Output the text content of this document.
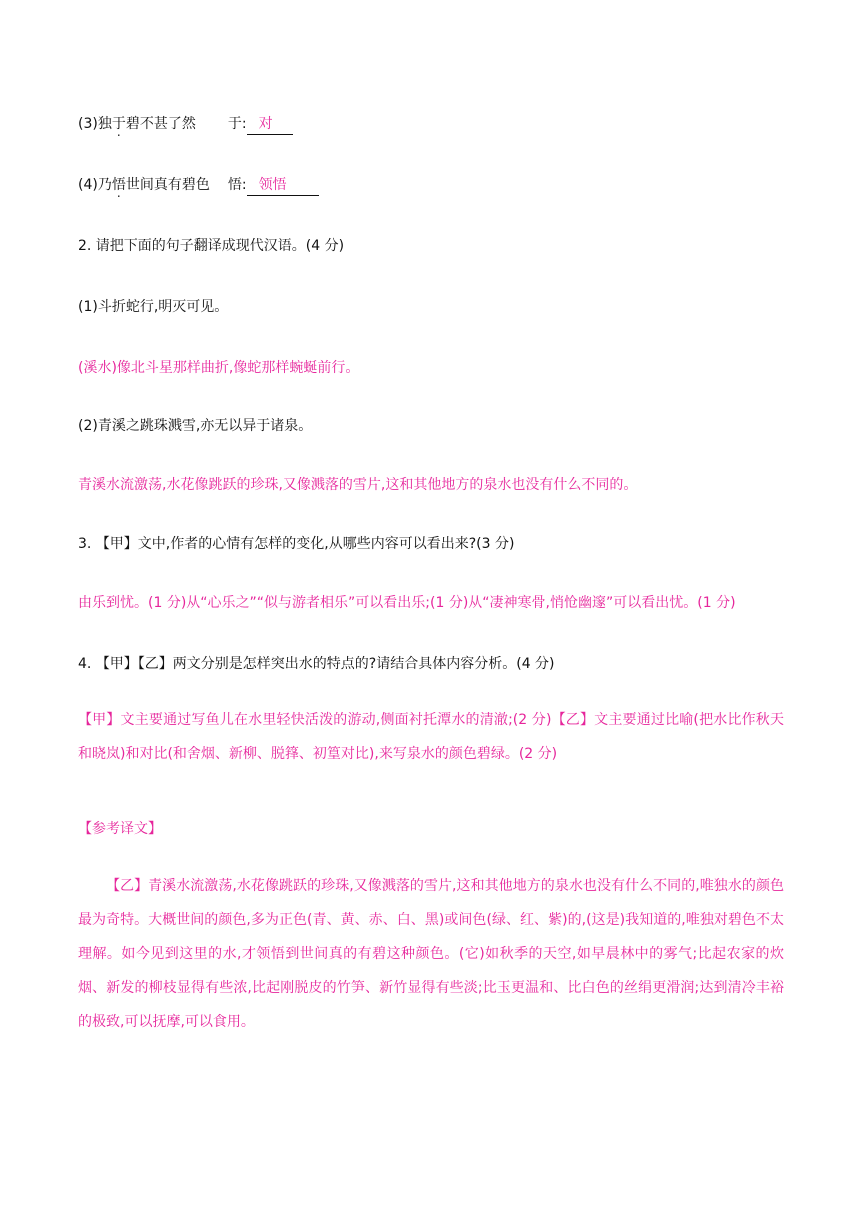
(3)独于碧不甚了然 于: 对
(4)乃悟世间真有碧色 悟: 领悟
2. 请把下面的句子翻译成现代汉语。(4 分)
(1)斗折蛇行,明灭可见。
(溪水)像北斗星那样曲折,像蛇那样蜿蜒前行。
(2)青溪之跳珠溅雪,亦无以异于诸泉。
青溪水流激荡,水花像跳跃的珍珠,又像溅落的雪片,这和其他地方的泉水也没有什么不同的。
3. 【甲】文中,作者的心情有怎样的变化,从哪些内容可以看出来?(3 分)
由乐到忧。(1 分)从“心乐之”“似与游者相乐”可以看出乐;(1 分)从“凄神寒骨,悄怆幽邃”可以看出忧。(1 分)
4. 【甲】【乙】两文分别是怎样突出水的特点的?请结合具体内容分析。(4 分)
【甲】文主要通过写鱼儿在水里轻快活泼的游动,侧面衬托潭水的清澈;(2 分)【乙】文主要通过比喻(把水比作秋天和晓岚)和对比(和舍烟、新柳、脱箨、初篁对比),来写泉水的颜色碧绿。(2 分)
【参考译文】
【乙】青溪水流激荡,水花像跳跃的珍珠,又像溅落的雪片,这和其他地方的泉水也没有什么不同的,唯独水的颜色最为奇特。大概世间的颜色,多为正色(青、黄、赤、白、黑)或间色(绿、红、紫)的,(这是)我知道的,唯独对碧色不太理解。如今见到这里的水,才领悟到世间真的有碧这种颜色。(它)如秋季的天空,如早晨林中的雾气;比起农家的炊烟、新发的柳枝显得有些浓,比起刚脱皮的竹笋、新竹显得有些淡;比玉更温和、比白色的丝绢更滑润;达到清冷丰裕的极致,可以抚摩,可以食用。
